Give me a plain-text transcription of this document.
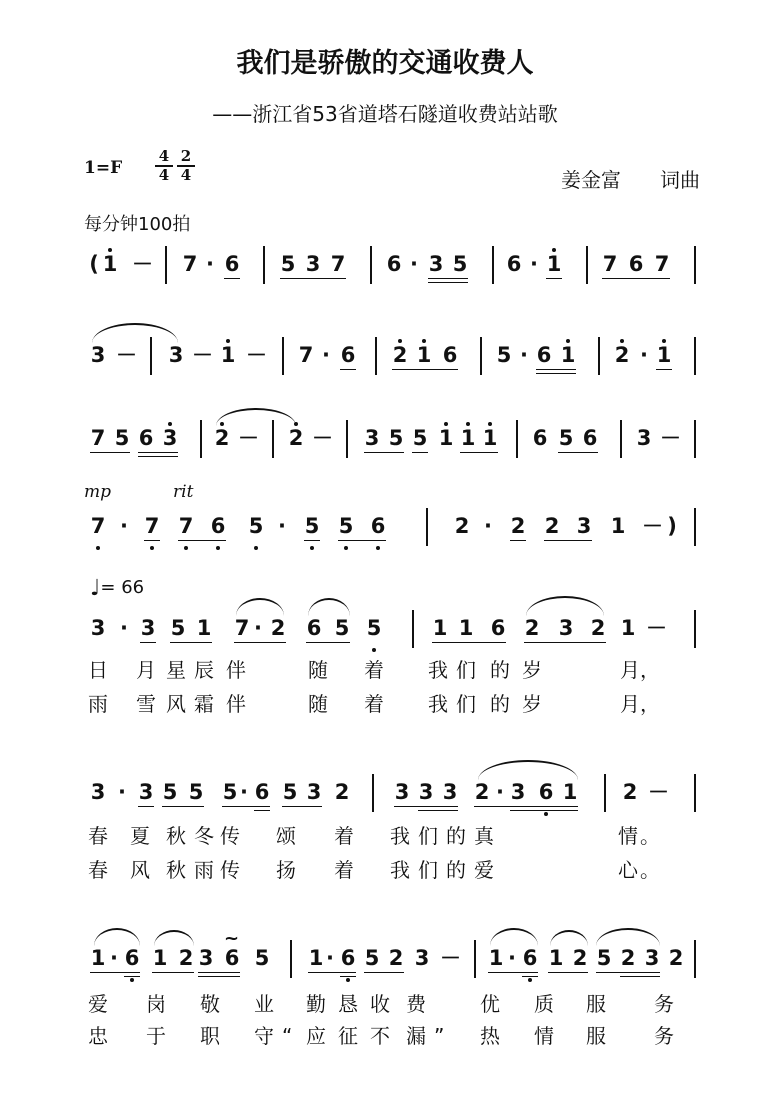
我们是骄傲的交通收费人
——浙江省53省道塔石隧道收费站站歌
$1=F \frac{4}{4} \frac{2}{4}$	姜金富 词曲
每分钟100拍
mp	rit
♩= 66
( 1 － 7 · 6 5 3 7 6 · 3 5 6 · 1 7 6 7
3 － 3 － 1 － 7 · 6 2 1 6 5 · 6 1 2 · 1
7 5 6 3 2 － 2 － 3 5 5 1 1 1 6 5 6 3 －
7 · 7 7 6 5 · 5 5 6	2 · 2 2 3 1 － )
3 · 3 5 1 7 · 2 6 5 5 1 1 6 2 3 2 1 －
日 月 星 辰 伴	随 着 我 们 的 岁	月 ，
雨 雪 风 霜 伴	随 着 我 们 的 岁	月 ，
3 · 3 5 5 5 · 6 5 3 2 3 3 3 2 · 3 6 1 2 －
春 夏 秋 冬 传 颂 着 我 们 的 真	情 。
春 风 秋 雨 传 扬 着 我 们 的 爱	心 。
1 · 6 1 2 3 6
~
5 1 · 6 5 2 3 － 1 · 6 1 2 5 2 3 2
爱 岗 敬 业 勤 恳 收 费	优 质 服 务
忠 于 职 守 应 征 不 漏	热 情 服 务
“	”
